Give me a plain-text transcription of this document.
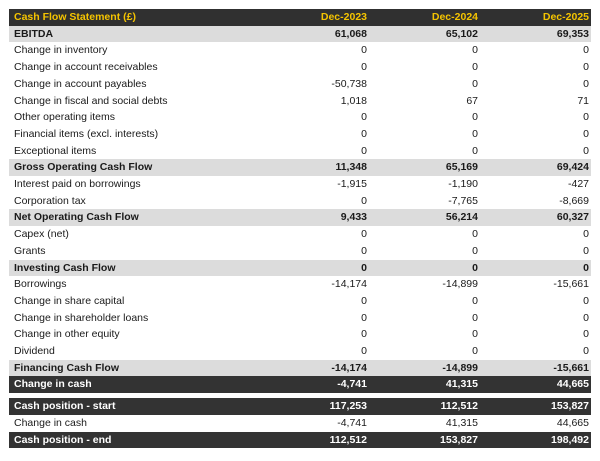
Cash Flow Statement (£)	Dec-2023	Dec-2024	Dec-2025
EBITDA	61,068	65,102	69,353
Change in inventory	0	0	0
Change in account receivables	0	0	0
Change in account payables	-50,738	0	0
Change in fiscal and social debts	1,018	67	71
Other operating items	0	0	0
Financial items (excl. interests)	0	0	0
Exceptional items	0	0	0
Gross Operating Cash Flow	11,348	65,169	69,424
Interest paid on borrowings	-1,915	-1,190	-427
Corporation tax	0	-7,765	-8,669
Net Operating Cash Flow	9,433	56,214	60,327
Capex (net)	0	0	0
Grants	0	0	0
Investing Cash Flow	0	0	0
Borrowings	-14,174	-14,899	-15,661
Change in share capital	0	0	0
Change in shareholder loans	0	0	0
Change in other equity	0	0	0
Dividend	0	0	0
Financing Cash Flow	-14,174	-14,899	-15,661
Change in cash	-4,741	41,315	44,665

Cash position - start	117,253	112,512	153,827
Change in cash	-4,741	41,315	44,665
Cash position - end	112,512	153,827	198,492
